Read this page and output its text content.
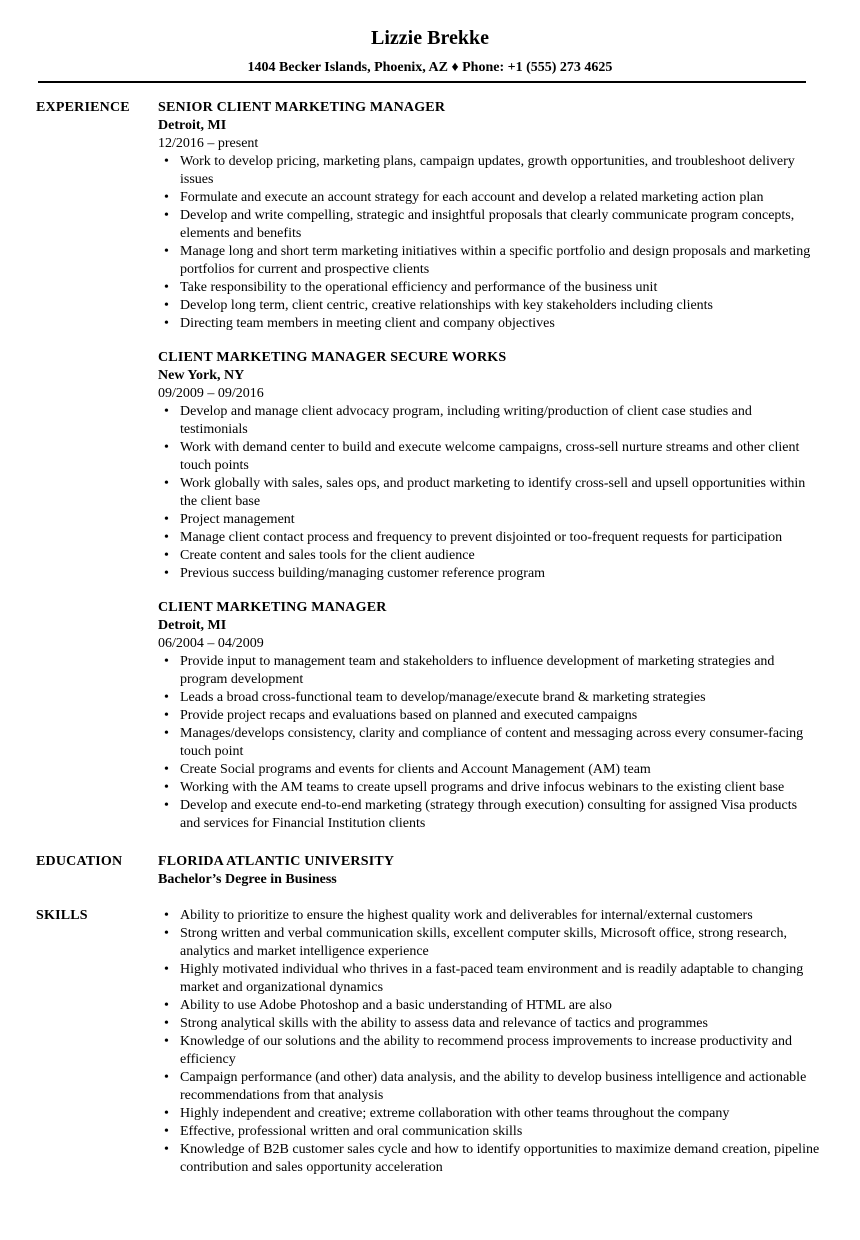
Lizzie Brekke
1404 Becker Islands, Phoenix, AZ ♦ Phone: +1 (555) 273 4625
EXPERIENCE	SENIOR CLIENT MARKETING MANAGER
Detroit, MI
12/2016 – present
• Work to develop pricing, marketing plans, campaign updates, growth opportunities, and troubleshoot delivery issues
• Formulate and execute an account strategy for each account and develop a related marketing action plan
• Develop and write compelling, strategic and insightful proposals that clearly communicate program concepts, elements and benefits
• Manage long and short term marketing initiatives within a specific portfolio and design proposals and marketing portfolios for current and prospective clients
• Take responsibility to the operational efficiency and performance of the business unit
• Develop long term, client centric, creative relationships with key stakeholders including clients
• Directing team members in meeting client and company objectives
CLIENT MARKETING MANAGER SECURE WORKS
New York, NY
09/2009 – 09/2016
• Develop and manage client advocacy program, including writing/production of client case studies and testimonials
• Work with demand center to build and execute welcome campaigns, cross-sell nurture streams and other client touch points
• Work globally with sales, sales ops, and product marketing to identify cross-sell and upsell opportunities within the client base
• Project management
• Manage client contact process and frequency to prevent disjointed or too-frequent requests for participation
• Create content and sales tools for the client audience
• Previous success building/managing customer reference program
CLIENT MARKETING MANAGER
Detroit, MI
06/2004 – 04/2009
• Provide input to management team and stakeholders to influence development of marketing strategies and program development
• Leads a broad cross-functional team to develop/manage/execute brand & marketing strategies
• Provide project recaps and evaluations based on planned and executed campaigns
• Manages/develops consistency, clarity and compliance of content and messaging across every consumer-facing touch point
• Create Social programs and events for clients and Account Management (AM) team
• Working with the AM teams to create upsell programs and drive infocus webinars to the existing client base
• Develop and execute end-to-end marketing (strategy through execution) consulting for assigned Visa products and services for Financial Institution clients
EDUCATION	FLORIDA ATLANTIC UNIVERSITY
Bachelor’s Degree in Business
SKILLS	• Ability to prioritize to ensure the highest quality work and deliverables for internal/external customers
• Strong written and verbal communication skills, excellent computer skills, Microsoft office, strong research, analytics and market intelligence experience
• Highly motivated individual who thrives in a fast-paced team environment and is readily adaptable to changing market and organizational dynamics
• Ability to use Adobe Photoshop and a basic understanding of HTML are also
• Strong analytical skills with the ability to assess data and relevance of tactics and programmes
• Knowledge of our solutions and the ability to recommend process improvements to increase productivity and efficiency
• Campaign performance (and other) data analysis, and the ability to develop business intelligence and actionable recommendations from that analysis
• Highly independent and creative; extreme collaboration with other teams throughout the company
• Effective, professional written and oral communication skills
• Knowledge of B2B customer sales cycle and how to identify opportunities to maximize demand creation, pipeline contribution and sales opportunity acceleration
